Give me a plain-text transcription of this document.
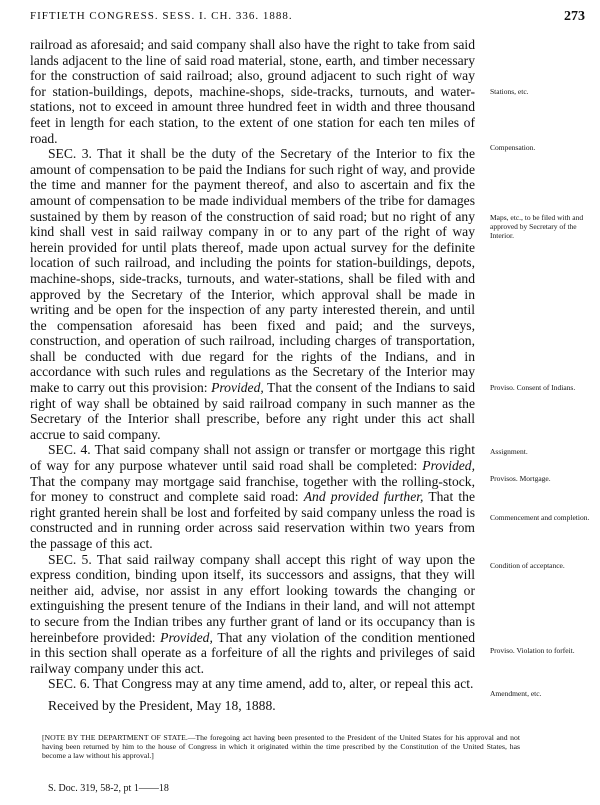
FIFTIETH CONGRESS. SESS. I. CH. 336. 1888.	273

railroad as aforesaid; and said company shall also have the right to take from said lands adjacent to the line of said road material, stone, earth, and timber necessary for the construction of said railroad; also, ground adjacent to such right of way for station-buildings, depots, machine-shops, side-tracks, turnouts, and water-stations, not to exceed in amount three hundred feet in width and three thousand feet in length for each station, to the extent of one station for each ten miles of road.

SEC. 3. That it shall be the duty of the Secretary of the Interior to fix the amount of compensation to be paid the Indians for such right of way, and provide the time and manner for the payment thereof, and also to ascertain and fix the amount of compensation to be made individual members of the tribe for damages sustained by them by reason of the construction of said road; but no right of any kind shall vest in said railway company in or to any part of the right of way herein provided for until plats thereof, made upon actual survey for the definite location of such railroad, and including the points for station-buildings, depots, machine-shops, side-tracks, turnouts, and water-stations, shall be filed with and approved by the Secretary of the Interior, which approval shall be made in writing and be open for the inspection of any party interested therein, and until the compensation aforesaid has been fixed and paid; and the surveys, construction, and operation of such railroad, including charges of transportation, shall be conducted with due regard for the rights of the Indians, and in accordance with such rules and regulations as the Secretary of the Interior may make to carry out this provision: Provided, That the consent of the Indians to said right of way shall be obtained by said railroad company in such manner as the Secretary of the Interior shall prescribe, before any right under this act shall accrue to said company.

SEC. 4. That said company shall not assign or transfer or mortgage this right of way for any purpose whatever until said road shall be completed: Provided, That the company may mortgage said franchise, together with the rolling-stock, for money to construct and complete said road: And provided further, That the right granted herein shall be lost and forfeited by said company unless the road is constructed and in running order across said reservation within two years from the passage of this act.

SEC. 5. That said railway company shall accept this right of way upon the express condition, binding upon itself, its successors and assigns, that they will neither aid, advise, nor assist in any effort looking towards the changing or extinguishing the present tenure of the Indians in their land, and will not attempt to secure from the Indian tribes any further grant of land or its occupancy than is hereinbefore provided: Provided, That any violation of the condition mentioned in this section shall operate as a forfeiture of all the rights and privileges of said railway company under this act.

SEC. 6. That Congress may at any time amend, add to, alter, or repeal this act.

Received by the President, May 18, 1888.

Stations, etc.
Compensation.
Maps, etc., to be filed with and approved by Secretary of the Interior.
Proviso. Consent of Indians.
Assignment.
Provisos. Mortgage.
Commencement and completion.
Condition of acceptance.
Proviso. Violation to forfeit.
Amendment, etc.
[NOTE BY THE DEPARTMENT OF STATE.—The foregoing act having been presented to the President of the United States for his approval and not having been returned by him to the house of Congress in which it originated within the time prescribed by the Constitution of the United States, has become a law without his approval.]
S. Doc. 319, 58-2, pt 1——18
